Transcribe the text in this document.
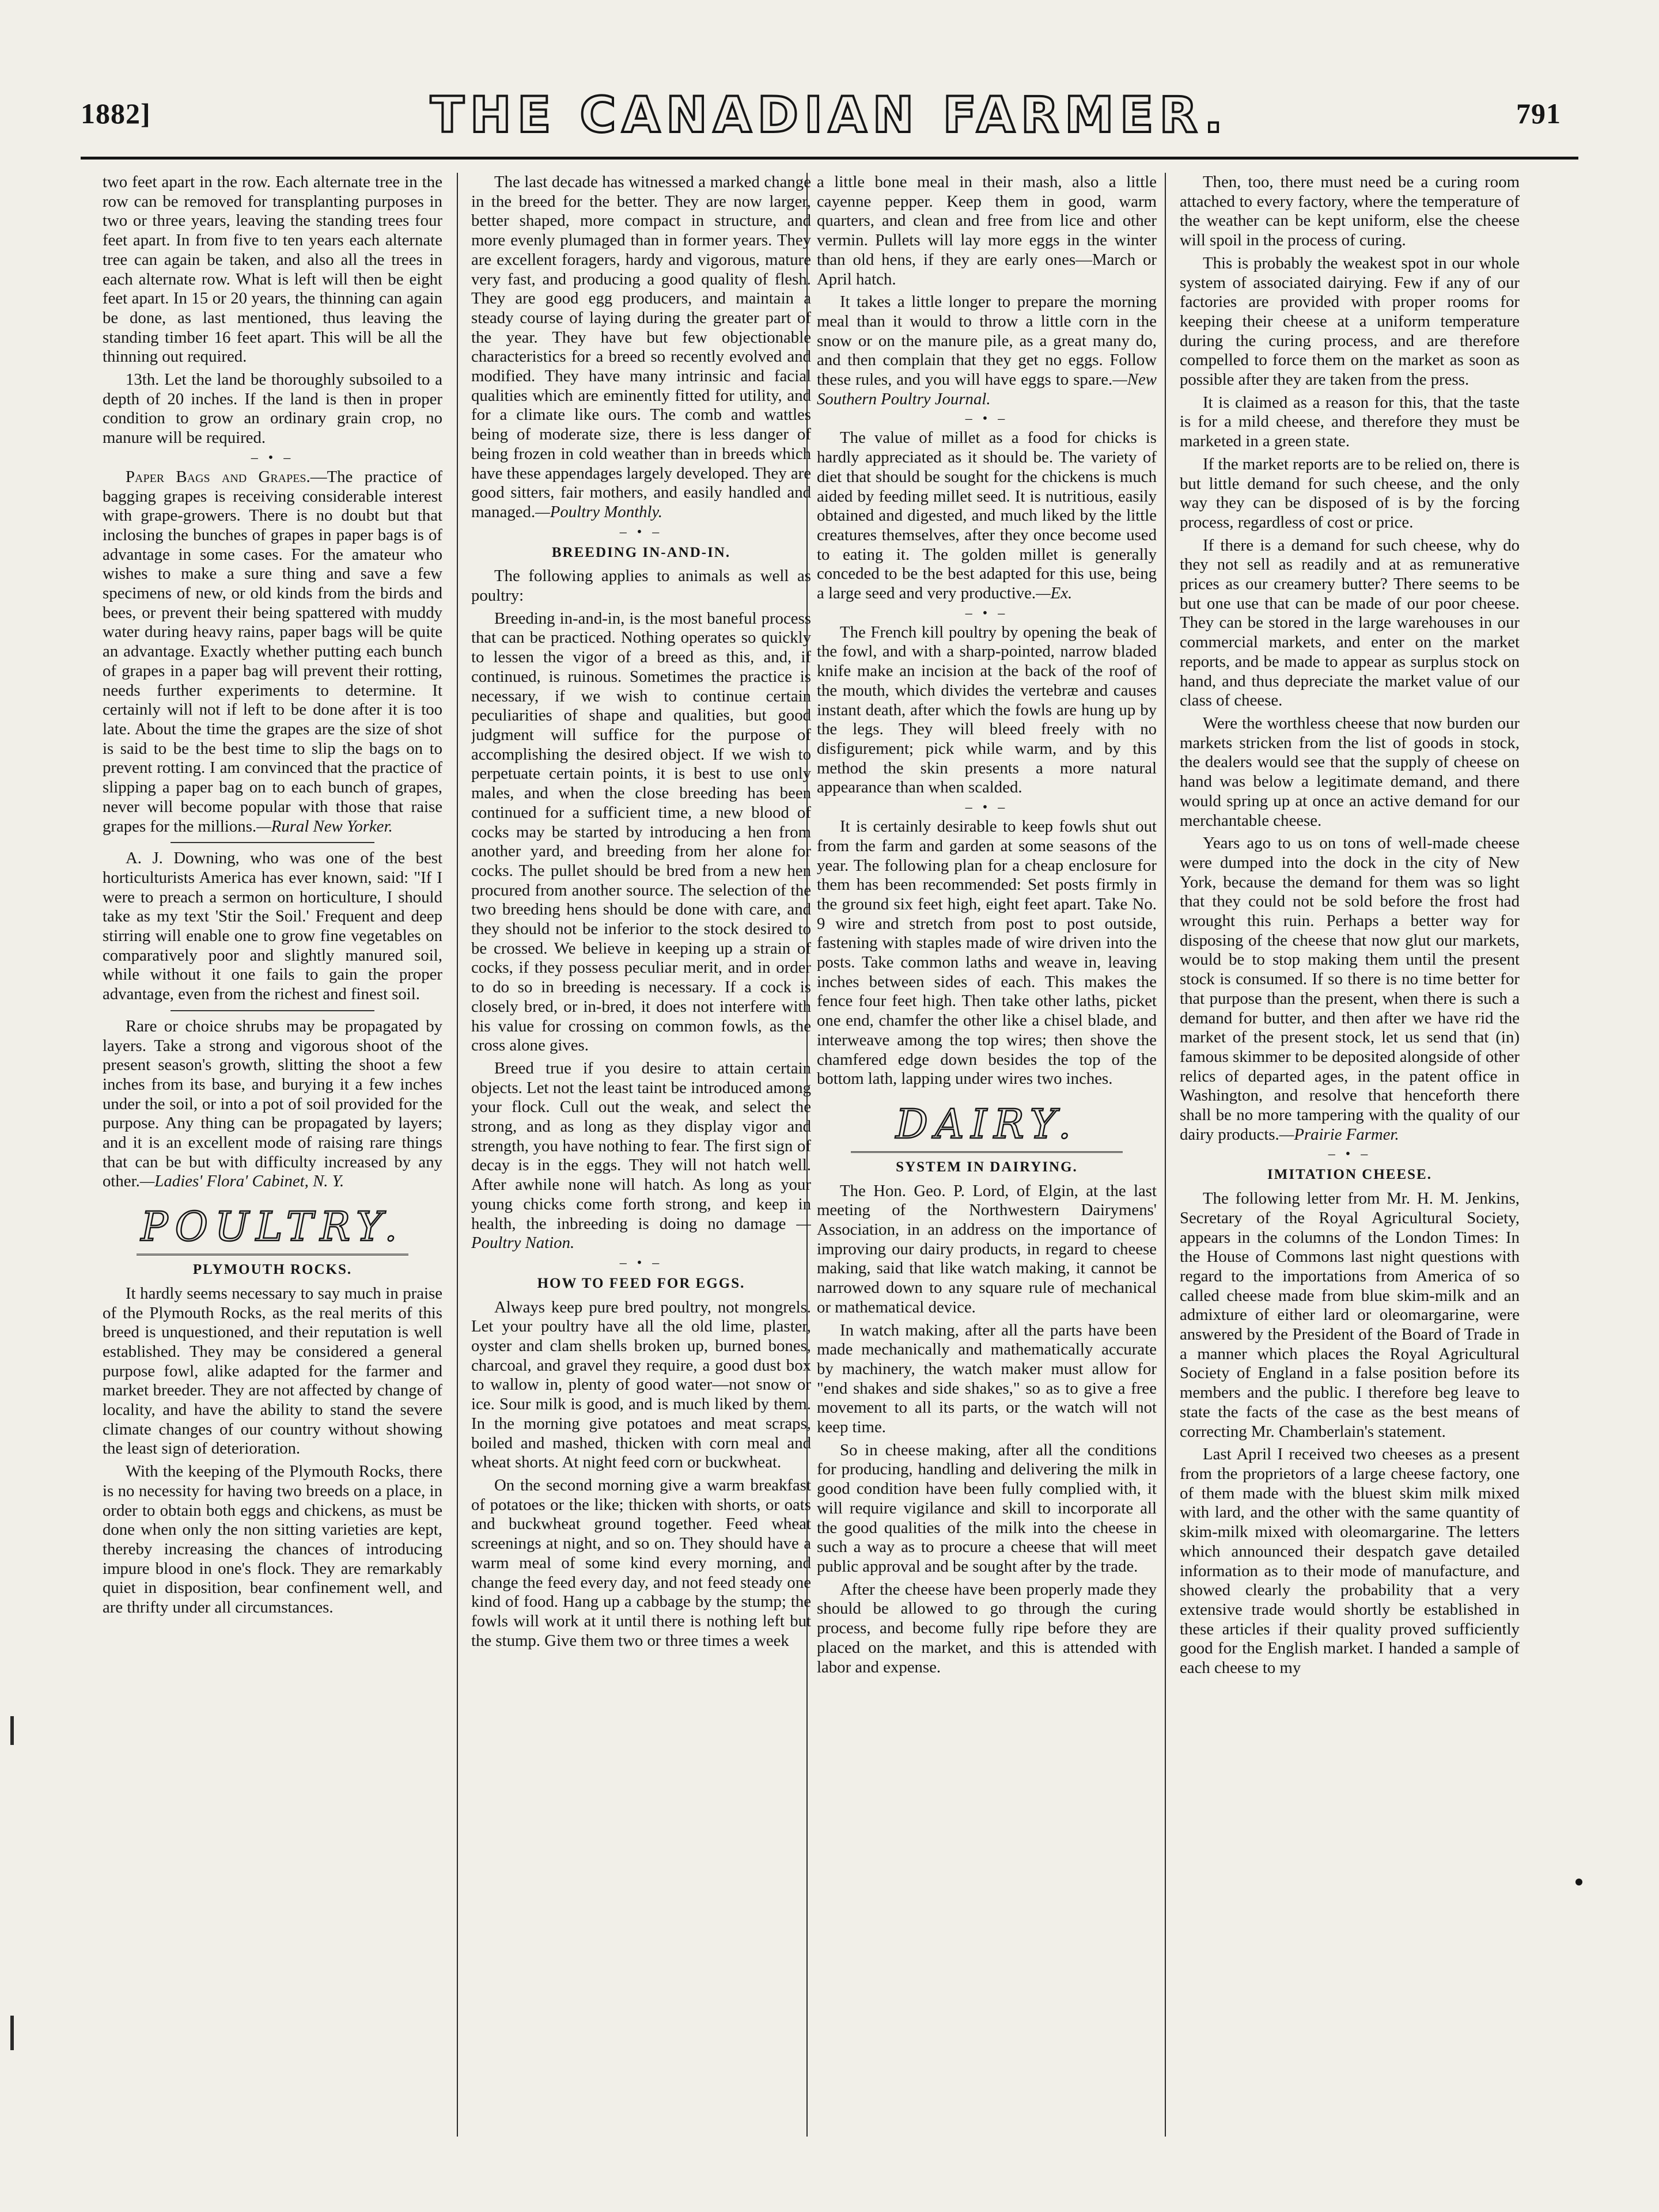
1882]	THE CANADIAN FARMER.	791

two feet apart in the row. Each alternate tree in the row can be removed for transplanting purposes in two or three years, leaving the standing trees four feet apart. In from five to ten years each alternate tree can again be taken, and also all the trees in each alternate row. What is left will then be eight feet apart. In 15 or 20 years, the thinning can again be done, as last mentioned, thus leaving the standing timber 16 feet apart. This will be all the thinning out required.

13th. Let the land be thoroughly subsoiled to a depth of 20 inches. If the land is then in proper condition to grow an ordinary grain crop, no manure will be required.

– • –

Paper Bags and Grapes.—The practice of bagging grapes is receiving considerable interest with grape-growers. There is no doubt but that inclosing the bunches of grapes in paper bags is of advantage in some cases. For the amateur who wishes to make a sure thing and save a few specimens of new, or old kinds from the birds and bees, or prevent their being spattered with muddy water during heavy rains, paper bags will be quite an advantage. Exactly whether putting each bunch of grapes in a paper bag will prevent their rotting, needs further experiments to determine. It certainly will not if left to be done after it is too late. About the time the grapes are the size of shot is said to be the best time to slip the bags on to prevent rotting. I am convinced that the practice of slipping a paper bag on to each bunch of grapes, never will become popular with those that raise grapes for the millions.—Rural New Yorker.

A. J. Downing, who was one of the best horticulturists America has ever known, said: "If I were to preach a sermon on horticulture, I should take as my text 'Stir the Soil.' Frequent and deep stirring will enable one to grow fine vegetables on comparatively poor and slightly manured soil, while without it one fails to gain the proper advantage, even from the richest and finest soil.

Rare or choice shrubs may be propagated by layers. Take a strong and vigorous shoot of the present season's growth, slitting the shoot a few inches from its base, and burying it a few inches under the soil, or into a pot of soil provided for the purpose. Any thing can be propagated by layers; and it is an excellent mode of raising rare things that can be but with difficulty increased by any other.—Ladies' Flora' Cabinet, N. Y.

POULTRY.
PLYMOUTH ROCKS.

It hardly seems necessary to say much in praise of the Plymouth Rocks, as the real merits of this breed is unquestioned, and their reputation is well established. They may be considered a general purpose fowl, alike adapted for the farmer and market breeder. They are not affected by change of locality, and have the ability to stand the severe climate changes of our country without showing the least sign of deterioration.

With the keeping of the Plymouth Rocks, there is no necessity for having two breeds on a place, in order to obtain both eggs and chickens, as must be done when only the non sitting varieties are kept, thereby increasing the chances of introducing impure blood in one's flock. They are remarkably quiet in disposition, bear confinement well, and are thrifty under all circumstances.

The last decade has witnessed a marked change in the breed for the better. They are now larger, better shaped, more compact in structure, and more evenly plumaged than in former years. They are excellent foragers, hardy and vigorous, mature very fast, and producing a good quality of flesh. They are good egg producers, and maintain a steady course of laying during the greater part of the year. They have but few objectionable characteristics for a breed so recently evolved and modified. They have many intrinsic and facial qualities which are eminently fitted for utility, and for a climate like ours. The comb and wattles being of moderate size, there is less danger of being frozen in cold weather than in breeds which have these appendages largely developed. They are good sitters, fair mothers, and easily handled and managed.—Poultry Monthly.

– • –
BREEDING IN-AND-IN.

The following applies to animals as well as poultry:

Breeding in-and-in, is the most baneful process that can be practiced. Nothing operates so quickly to lessen the vigor of a breed as this, and, if continued, is ruinous. Sometimes the practice is necessary, if we wish to continue certain peculiarities of shape and qualities, but good judgment will suffice for the purpose of accomplishing the desired object. If we wish to perpetuate certain points, it is best to use only males, and when the close breeding has been continued for a sufficient time, a new blood of cocks may be started by introducing a hen from another yard, and breeding from her alone for cocks. The pullet should be bred from a new hen procured from another source. The selection of the two breeding hens should be done with care, and they should not be inferior to the stock desired to be crossed. We believe in keeping up a strain of cocks, if they possess peculiar merit, and in order to do so in breeding is necessary. If a cock is closely bred, or in-bred, it does not interfere with his value for crossing on common fowls, as the cross alone gives.

Breed true if you desire to attain certain objects. Let not the least taint be introduced among your flock. Cull out the weak, and select the strong, and as long as they display vigor and strength, you have nothing to fear. The first sign of decay is in the eggs. They will not hatch well. After awhile none will hatch. As long as your young chicks come forth strong, and keep in health, the inbreeding is doing no damage —Poultry Nation.

– • –
HOW TO FEED FOR EGGS.

Always keep pure bred poultry, not mongrels. Let your poultry have all the old lime, plaster, oyster and clam shells broken up, burned bones, charcoal, and gravel they require, a good dust box to wallow in, plenty of good water—not snow or ice. Sour milk is good, and is much liked by them. In the morning give potatoes and meat scraps, boiled and mashed, thicken with corn meal and wheat shorts. At night feed corn or buckwheat.

On the second morning give a warm breakfast of potatoes or the like; thicken with shorts, or oats and buckwheat ground together. Feed wheat screenings at night, and so on. They should have a warm meal of some kind every morning, and change the feed every day, and not feed steady one kind of food. Hang up a cabbage by the stump; the fowls will work at it until there is nothing left but the stump. Give them two or three times a week

a little bone meal in their mash, also a little cayenne pepper. Keep them in good, warm quarters, and clean and free from lice and other vermin. Pullets will lay more eggs in the winter than old hens, if they are early ones—March or April hatch.

It takes a little longer to prepare the morning meal than it would to throw a little corn in the snow or on the manure pile, as a great many do, and then complain that they get no eggs. Follow these rules, and you will have eggs to spare.—New Southern Poultry Journal.

– • –

The value of millet as a food for chicks is hardly appreciated as it should be. The variety of diet that should be sought for the chickens is much aided by feeding millet seed. It is nutritious, easily obtained and digested, and much liked by the little creatures themselves, after they once become used to eating it. The golden millet is generally conceded to be the best adapted for this use, being a large seed and very productive.—Ex.

– • –

The French kill poultry by opening the beak of the fowl, and with a sharp-pointed, narrow bladed knife make an incision at the back of the roof of the mouth, which divides the vertebræ and causes instant death, after which the fowls are hung up by the legs. They will bleed freely with no disfigurement; pick while warm, and by this method the skin presents a more natural appearance than when scalded.

– • –

It is certainly desirable to keep fowls shut out from the farm and garden at some seasons of the year. The following plan for a cheap enclosure for them has been recommended: Set posts firmly in the ground six feet high, eight feet apart. Take No. 9 wire and stretch from post to post outside, fastening with staples made of wire driven into the posts. Take common laths and weave in, leaving inches between sides of each. This makes the fence four feet high. Then take other laths, picket one end, chamfer the other like a chisel blade, and interweave among the top wires; then shove the chamfered edge down besides the top of the bottom lath, lapping under wires two inches.

DAIRY.
SYSTEM IN DAIRYING.

The Hon. Geo. P. Lord, of Elgin, at the last meeting of the Northwestern Dairymens' Association, in an address on the importance of improving our dairy products, in regard to cheese making, said that like watch making, it cannot be narrowed down to any square rule of mechanical or mathematical device.

In watch making, after all the parts have been made mechanically and mathematically accurate by machinery, the watch maker must allow for "end shakes and side shakes," so as to give a free movement to all its parts, or the watch will not keep time.

So in cheese making, after all the conditions for producing, handling and delivering the milk in good condition have been fully complied with, it will require vigilance and skill to incorporate all the good qualities of the milk into the cheese in such a way as to procure a cheese that will meet public approval and be sought after by the trade.

After the cheese have been properly made they should be allowed to go through the curing process, and become fully ripe before they are placed on the market, and this is attended with labor and expense.

Then, too, there must need be a curing room attached to every factory, where the temperature of the weather can be kept uniform, else the cheese will spoil in the process of curing.

This is probably the weakest spot in our whole system of associated dairying. Few if any of our factories are provided with proper rooms for keeping their cheese at a uniform temperature during the curing process, and are therefore compelled to force them on the market as soon as possible after they are taken from the press.

It is claimed as a reason for this, that the taste is for a mild cheese, and therefore they must be marketed in a green state.

If the market reports are to be relied on, there is but little demand for such cheese, and the only way they can be disposed of is by the forcing process, regardless of cost or price.

If there is a demand for such cheese, why do they not sell as readily and at as remunerative prices as our creamery butter? There seems to be but one use that can be made of our poor cheese. They can be stored in the large warehouses in our commercial markets, and enter on the market reports, and be made to appear as surplus stock on hand, and thus depreciate the market value of our class of cheese.

Were the worthless cheese that now burden our markets stricken from the list of goods in stock, the dealers would see that the supply of cheese on hand was below a legitimate demand, and there would spring up at once an active demand for our merchantable cheese.

Years ago to us on tons of well-made cheese were dumped into the dock in the city of New York, because the demand for them was so light that they could not be sold before the frost had wrought this ruin. Perhaps a better way for disposing of the cheese that now glut our markets, would be to stop making them until the present stock is consumed. If so there is no time better for that purpose than the present, when there is such a demand for butter, and then after we have rid the market of the present stock, let us send that (in) famous skimmer to be deposited alongside of other relics of departed ages, in the patent office in Washington, and resolve that henceforth there shall be no more tampering with the quality of our dairy products.—Prairie Farmer.

– • –
IMITATION CHEESE.

The following letter from Mr. H. M. Jenkins, Secretary of the Royal Agricultural Society, appears in the columns of the London Times: In the House of Commons last night questions with regard to the importations from America of so called cheese made from blue skim-milk and an admixture of either lard or oleomargarine, were answered by the President of the Board of Trade in a manner which places the Royal Agricultural Society of England in a false position before its members and the public. I therefore beg leave to state the facts of the case as the best means of correcting Mr. Chamberlain's statement.

Last April I received two cheeses as a present from the proprietors of a large cheese factory, one of them made with the bluest skim milk mixed with lard, and the other with the same quantity of skim-milk mixed with oleomargarine. The letters which announced their despatch gave detailed information as to their mode of manufacture, and showed clearly the probability that a very extensive trade would shortly be established in these articles if their quality proved sufficiently good for the English market. I handed a sample of each cheese to my
